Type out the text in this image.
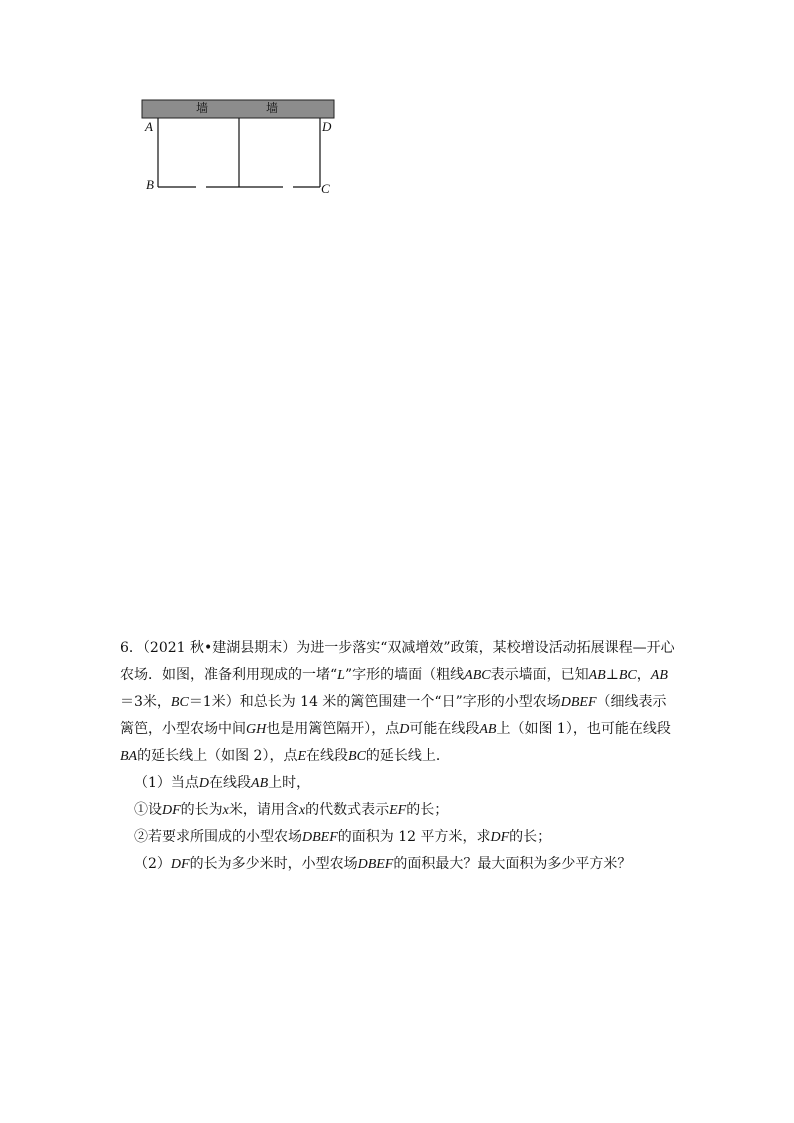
墙	墙
A
B
D
C

6．（2021 秋•建湖县期末）为进一步落实“双减增效”政策，某校增设活动拓展课程—开心农场．如图，准备利用现成的一堵“L”字形的墙面（粗线ABC表示墙面，已知AB⊥BC，AB＝3米，BC＝1米）和总长为 14 米的篱笆围建一个“日”字形的小型农场DBEF（细线表示篱笆，小型农场中间GH也是用篱笆隔开），点D可能在线段AB上（如图 1），也可能在线段BA的延长线上（如图 2），点E在线段BC的延长线上．

（1）当点D在线段AB上时，

①设DF的长为x米，请用含x的代数式表示EF的长；

②若要求所围成的小型农场DBEF的面积为 12 平方米，求DF的长；

（2）DF的长为多少米时，小型农场DBEF的面积最大？最大面积为多少平方米？
